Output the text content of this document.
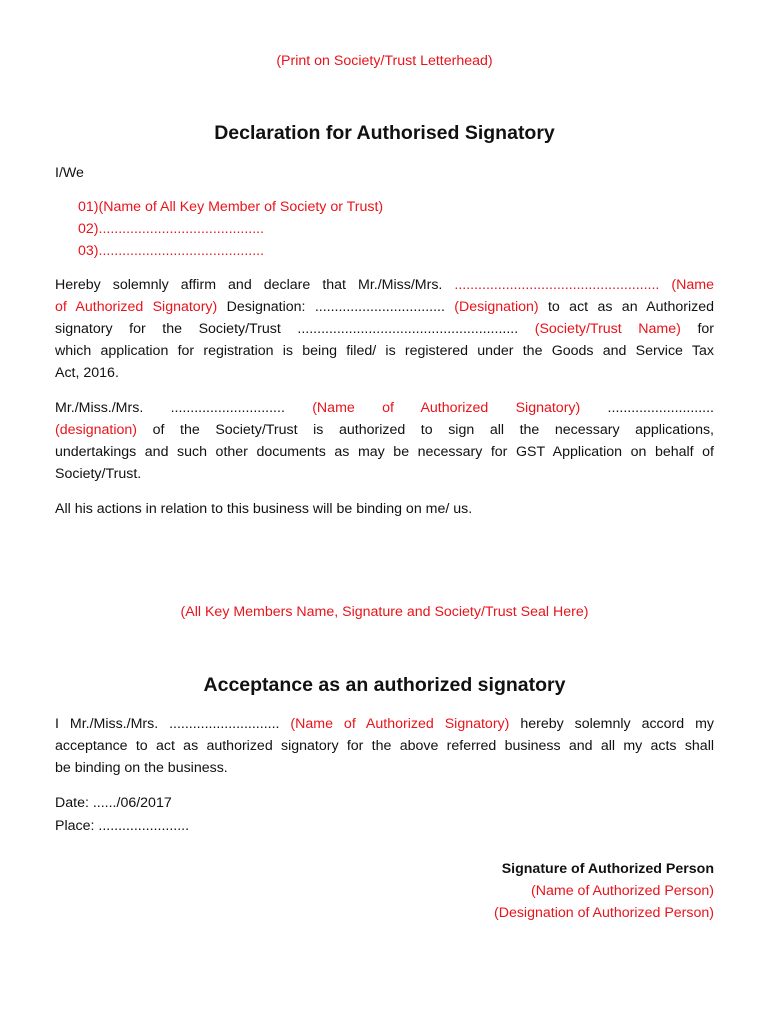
(Print on Society/Trust Letterhead)
Declaration for Authorised Signatory
I/We
01)(Name of All Key Member of Society or Trust)
02)..........................................
03)..........................................

Hereby solemnly affirm and declare that Mr./Miss/Mrs. .................................................... (Name

of Authorized Signatory) Designation: ................................. (Designation) to act as an Authorized

signatory for the Society/Trust ........................................................ (Society/Trust Name) for

which application for registration is being filed/ is registered under the Goods and Service Tax

Act, 2016.

Mr./Miss./Mrs. ............................. (Name of Authorized Signatory) ...........................

(designation) of the Society/Trust is authorized to sign all the necessary applications,

undertakings and such other documents as may be necessary for GST Application on behalf of

Society/Trust.

All his actions in relation to this business will be binding on me/ us.
(All Key Members Name, Signature and Society/Trust Seal Here)
Acceptance as an authorized signatory

I Mr./Miss./Mrs. ............................ (Name of Authorized Signatory) hereby solemnly accord my

acceptance to act as authorized signatory for the above referred business and all my acts shall

be binding on the business.

Date: ....../06/2017
Place: .......................
Signature of Authorized Person
(Name of Authorized Person)
(Designation of Authorized Person)
